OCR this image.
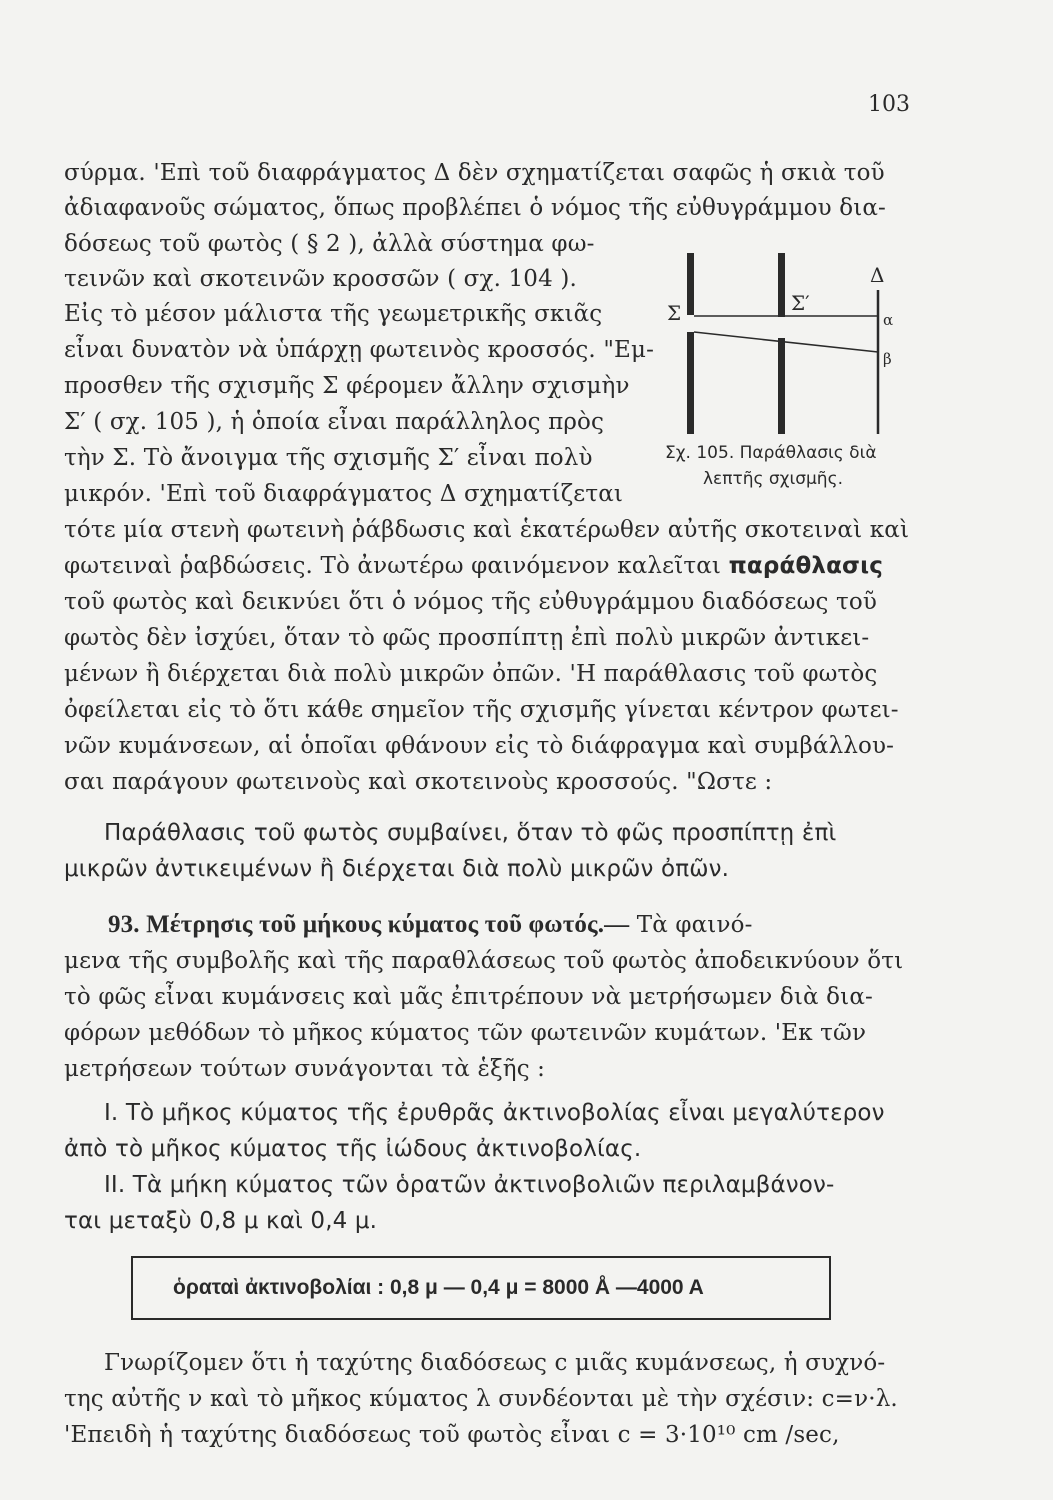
103
σύρμα. 'Επὶ τοῦ διαφράγματος Δ δὲν σχηματίζεται σαφῶς ἡ σκιὰ τοῦ
ἀδιαφανοῦς σώματος, ὅπως προβλέπει ὁ νόμος τῆς εὐθυγράμμου δια-
δόσεως τοῦ φωτὸς ( § 2 ), ἀλλὰ σύστημα φω-
τεινῶν καὶ σκοτεινῶν κροσσῶν ( σχ. 104 ).
Εἰς τὸ μέσον μάλιστα τῆς γεωμετρικῆς σκιᾶς
εἶναι δυνατὸν νὰ ὑπάρχῃ φωτεινὸς κροσσός. "Εμ-
προσθεν τῆς σχισμῆς Σ φέρομεν ἄλλην σχισμὴν
Σ′ ( σχ. 105 ), ἡ ὁποία εἶναι παράλληλος πρὸς
τὴν Σ. Τὸ ἄνοιγμα τῆς σχισμῆς Σ′ εἶναι πολὺ
μικρόν. 'Επὶ τοῦ διαφράγματος Δ σχηματίζεται
τότε μία στενὴ φωτεινὴ ῥάβδωσις καὶ ἑκατέρωθεν αὐτῆς σκοτειναὶ καὶ
φωτειναὶ ῥαβδώσεις. Τὸ ἀνωτέρω φαινόμενον καλεῖται παράθλασις
τοῦ φωτὸς καὶ δεικνύει ὅτι ὁ νόμος τῆς εὐθυγράμμου διαδόσεως τοῦ
φωτὸς δὲν ἰσχύει, ὅταν τὸ φῶς προσπίπτῃ ἐπὶ πολὺ μικρῶν ἀντικει-
μένων ἢ διέρχεται διὰ πολὺ μικρῶν ὀπῶν. 'Η παράθλασις τοῦ φωτὸς
ὀφείλεται εἰς τὸ ὅτι κάθε σημεῖον τῆς σχισμῆς γίνεται κέντρον φωτει-
νῶν κυμάνσεων, αἱ ὁποῖαι φθάνουν εἰς τὸ διάφραγμα καὶ συμβάλλου-
σαι παράγουν φωτεινοὺς καὶ σκοτεινοὺς κροσσούς. "Ωστε :
Σ	Σ′
Δ
α
β
Σχ. 105. Παράθλασις διὰ
λεπτῆς σχισμῆς.
Παράθλασις τοῦ φωτὸς συμβαίνει, ὅταν τὸ φῶς προσπίπτῃ ἐπὶ
μικρῶν ἀντικειμένων ἢ διέρχεται διὰ πολὺ μικρῶν ὀπῶν.
93. Μέτρησις τοῦ μήκους κύματος τοῦ φωτός.— Τὰ φαινό-
μενα τῆς συμβολῆς καὶ τῆς παραθλάσεως τοῦ φωτὸς ἀποδεικνύουν ὅτι
τὸ φῶς εἶναι κυμάνσεις καὶ μᾶς ἐπιτρέπουν νὰ μετρήσωμεν διὰ δια-
φόρων μεθόδων τὸ μῆκος κύματος τῶν φωτεινῶν κυμάτων. 'Εκ τῶν
μετρήσεων τούτων συνάγονται τὰ ἑξῆς :
I. Τὸ μῆκος κύματος τῆς ἐρυθρᾶς ἀκτινοβολίας εἶναι μεγαλύτερον
ἀπὸ τὸ μῆκος κύματος τῆς ἰώδους ἀκτινοβολίας.
II. Τὰ μήκη κύματος τῶν ὁρατῶν ἀκτινοβολιῶν περιλαμβάνον-
ται μεταξὺ 0,8 μ καὶ 0,4 μ.
ὁραταὶ ἀκτινοβολίαι : 0,8 μ — 0,4 μ = 8000 Å —4000 A
Γνωρίζομεν ὅτι ἡ ταχύτης διαδόσεως c μιᾶς κυμάνσεως, ἡ συχνό-
της αὐτῆς ν καὶ τὸ μῆκος κύματος λ συνδέονται μὲ τὴν σχέσιν: c=ν·λ.
'Επειδὴ ἡ ταχύτης διαδόσεως τοῦ φωτὸς εἶναι c = 3·10¹⁰ cm /sec,
